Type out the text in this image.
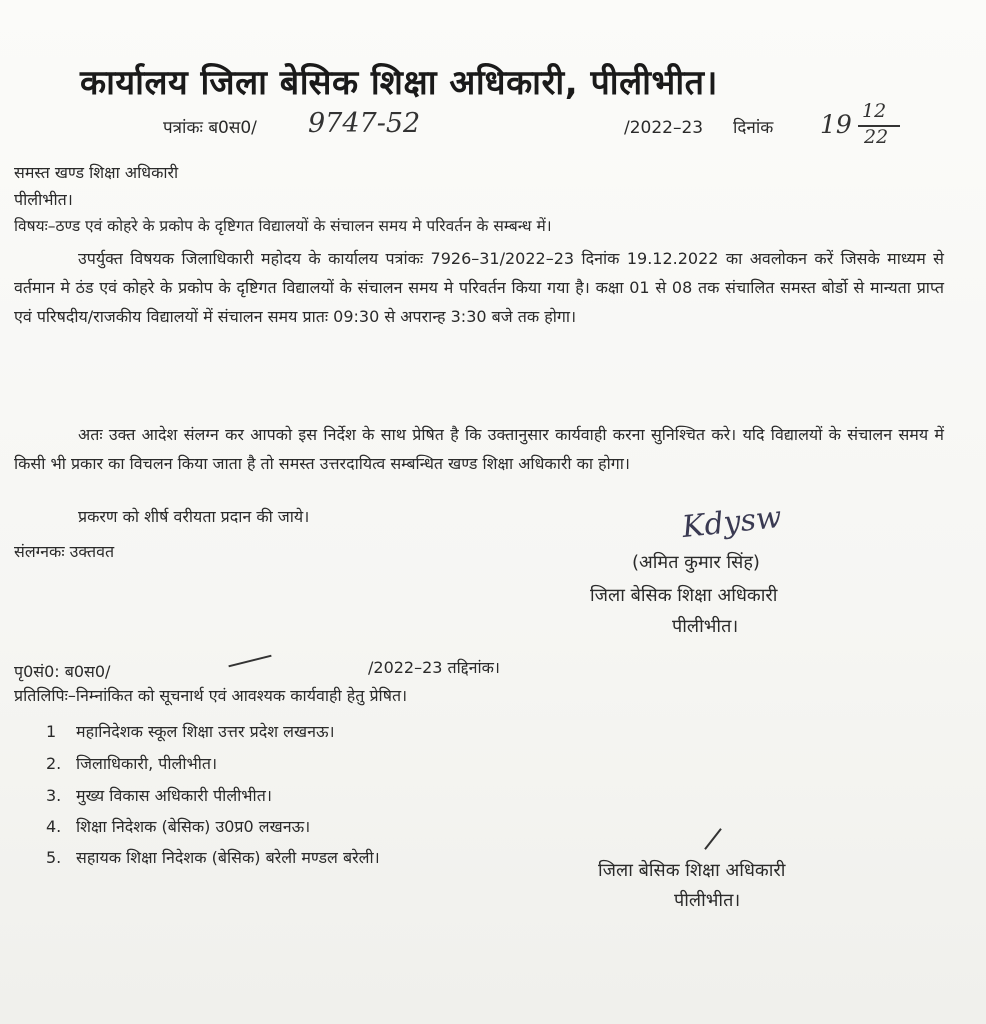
कार्यालय जिला बेसिक शिक्षा अधिकारी, पीलीभीत।
पत्रांकः ब0स0/ 9747-52	/2022–23 दिनांक 19 12
22
समस्त खण्ड शिक्षा अधिकारी
पीलीभीत।
विषयः–ठण्ड एवं कोहरे के प्रकोप के दृष्टिगत विद्यालयों के संचालन समय मे परिवर्तन के सम्बन्ध में।
उपर्युक्त विषयक जिलाधिकारी महोदय के कार्यालय पत्रांकः 7926–31/2022–23 दिनांक 19.12.2022 का अवलोकन करें जिसके माध्यम से वर्तमान मे ठंड एवं कोहरे के प्रकोप के दृष्टिगत विद्यालयों के संचालन समय मे परिवर्तन किया गया है। कक्षा 01 से 08 तक संचालित समस्त बोर्डो से मान्यता प्राप्त एवं परिषदीय/राजकीय विद्यालयों में संचालन समय प्रातः 09:30 से अपरान्ह 3:30 बजे तक होगा।
अतः उक्त आदेश संलग्न कर आपको इस निर्देश के साथ प्रेषित है कि उक्तानुसार कार्यवाही करना सुनिश्चित करे। यदि विद्यालयों के संचालन समय में किसी भी प्रकार का विचलन किया जाता है तो समस्त उत्तरदायित्व सम्बन्धित खण्ड शिक्षा अधिकारी का होगा।
प्रकरण को शीर्ष वरीयता प्रदान की जाये।
संलग्नकः उक्तवत
Kdysw
(अमित कुमार सिंह)
जिला बेसिक शिक्षा अधिकारी
पीलीभीत।
पृ0सं0: ब0स0/	/2022–23 तद्दिनांक।
प्रतिलिपिः–निम्नांकित को सूचनार्थ एवं आवश्यक कार्यवाही हेतु प्रेषित।
1 महानिदेशक स्कूल शिक्षा उत्तर प्रदेश लखनऊ।
2. जिलाधिकारी, पीलीभीत।
3. मुख्य विकास अधिकारी पीलीभीत।
4. शिक्षा निदेशक (बेसिक) उ0प्र0 लखनऊ।
5. सहायक शिक्षा निदेशक (बेसिक) बरेली मण्डल बरेली।
जिला बेसिक शिक्षा अधिकारी
पीलीभीत।
